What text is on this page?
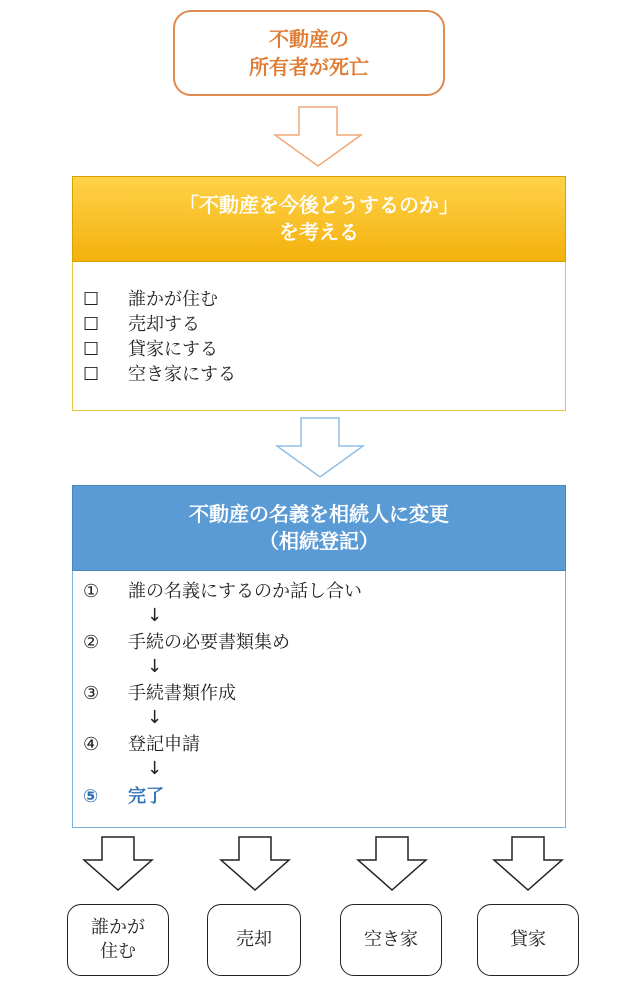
不動産の
所有者が死亡
「不動産を今後どうするのか」
を考える
☐ 誰かが住む
☐ 売却する
☐ 貸家にする
☐ 空き家にする
不動産の名義を相続人に変更
（相続登記）
① 誰の名義にするのか話し合い
↓
② 手続の必要書類集め
↓
③ 手続書類作成
↓
④ 登記申請
↓
⑤ 完了
誰かが
住む
売却	空き家	貸家
